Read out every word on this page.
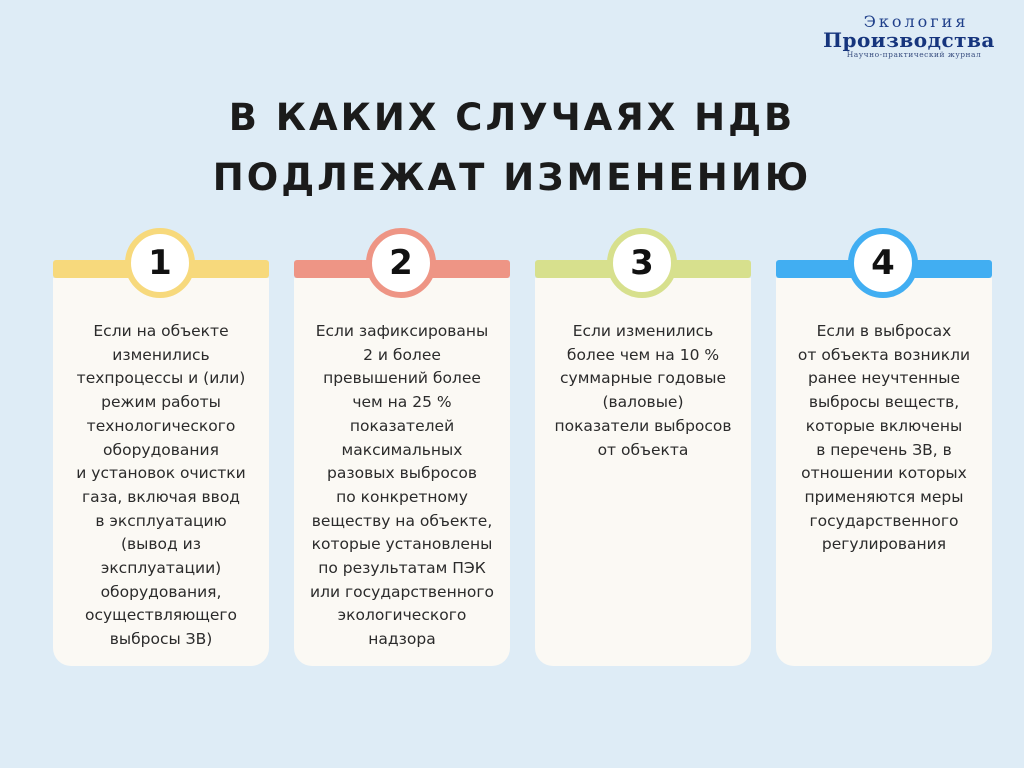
Экология
Производства
Научно-практический журнал
В КАКИХ СЛУЧАЯХ НДВ
ПОДЛЕЖАТ ИЗМЕНЕНИЮ

Если на объекте
изменились
техпроцессы и (или)
режим работы
технологического
оборудования
и установок очистки
газа, включая ввод
в эксплуатацию
(вывод из
эксплуатации)
оборудования,
осуществляющего
выбросы ЗВ)

1

Если зафиксированы
2 и более
превышений более
чем на 25 %
показателей
максимальных
разовых выбросов
по конкретному
веществу на объекте,
которые установлены
по результатам ПЭК
или государственного
экологического
надзора

2

Если изменились
более чем на 10 %
суммарные годовые
(валовые)
показатели выбросов
от объекта

3

Если в выбросах
от объекта возникли
ранее неучтенные
выбросы веществ,
которые включены
в перечень ЗВ, в
отношении которых
применяются меры
государственного
регулирования

4
